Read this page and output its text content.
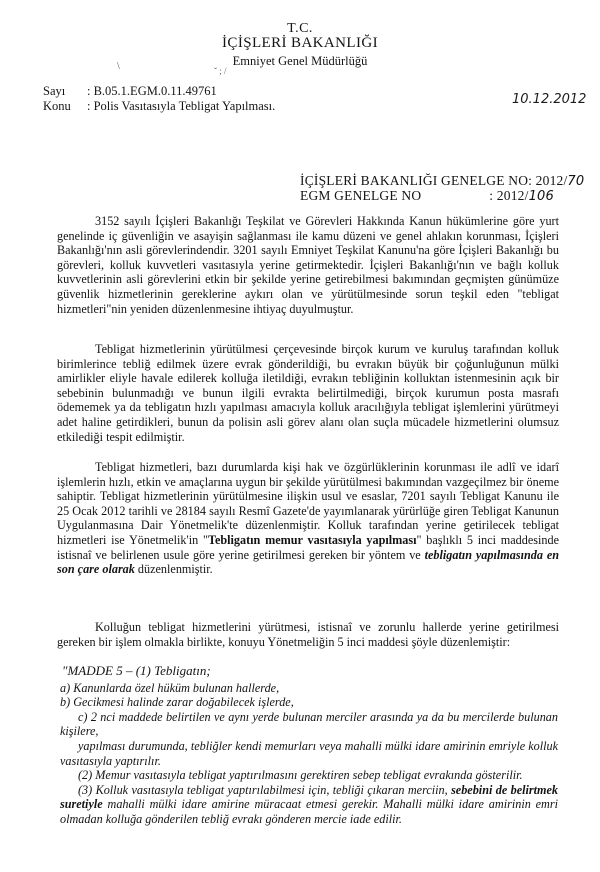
T.C.
İÇİŞLERİ BAKANLIĞI
Emniyet Genel Müdürlüğü
\	ˇ ; /
Sayı : B.05.1.EGM.0.11.49761
Konu : Polis Vasıtasıyla Tebligat Yapılması.	10.12.2012
İÇİŞLERİ BAKANLIĞI GENELGE NO: 2012/70
EGM GENELGE NO	: 2012/106

3152 sayılı İçişleri Bakanlığı Teşkilat ve Görevleri Hakkında Kanun hükümlerine göre yurt genelinde iç güvenliğin ve asayişin sağlanması ile kamu düzeni ve genel ahlakın korunması, İçişleri Bakanlığı'nın asli görevlerindendir. 3201 sayılı Emniyet Teşkilat Kanunu'na göre İçişleri Bakanlığı bu görevleri, kolluk kuvvetleri vasıtasıyla yerine getirmektedir. İçişleri Bakanlığı'nın ve bağlı kolluk kuvvetlerinin asli görevlerini etkin bir şekilde yerine getirebilmesi bakımından geçmişten günümüze güvenlik hizmetlerinin gereklerine aykırı olan ve yürütülmesinde sorun teşkil eden "tebligat hizmetleri"nin yeniden düzenlenmesine ihtiyaç duyulmuştur.

Tebligat hizmetlerinin yürütülmesi çerçevesinde birçok kurum ve kuruluş tarafından kolluk birimlerince tebliğ edilmek üzere evrak gönderildiği, bu evrakın büyük bir çoğunluğunun mülki amirlikler eliyle havale edilerek kolluğa iletildiği, evrakın tebliğinin kolluktan istenmesinin açık bir sebebinin bulunmadığı ve bunun ilgili evrakta belirtilmediği, birçok kurumun posta masrafı ödememek ya da tebligatın hızlı yapılması amacıyla kolluk aracılığıyla tebligat işlemlerini yürütmeyi adet haline getirdikleri, bunun da polisin asli görev alanı olan suçla mücadele hizmetlerini olumsuz etkilediği tespit edilmiştir.

Tebligat hizmetleri, bazı durumlarda kişi hak ve özgürlüklerinin korunması ile adlî ve idarî işlemlerin hızlı, etkin ve amaçlarına uygun bir şekilde yürütülmesi bakımından vazgeçilmez bir öneme sahiptir. Tebligat hizmetlerinin yürütülmesine ilişkin usul ve esaslar, 7201 sayılı Tebligat Kanunu ile 25 Ocak 2012 tarihli ve 28184 sayılı Resmî Gazete'de yayımlanarak yürürlüğe giren Tebligat Kanunun Uygulanmasına Dair Yönetmelik'te düzenlenmiştir. Kolluk tarafından yerine getirilecek tebligat hizmetleri ise Yönetmelik'in "Tebligatın memur vasıtasıyla yapılması" başlıklı 5 inci maddesinde istisnaî ve belirlenen usule göre yerine getirilmesi gereken bir yöntem ve tebligatın yapılmasında en son çare olarak düzenlenmiştir.

Kolluğun tebligat hizmetlerini yürütmesi, istisnaî ve zorunlu hallerde yerine getirilmesi gereken bir işlem olmakla birlikte, konuyu Yönetmeliğin 5 inci maddesi şöyle düzenlemiştir:

"MADDE 5 – (1) Tebligatın;

a) Kanunlarda özel hüküm bulunan hallerde,

b) Gecikmesi halinde zarar doğabilecek işlerde,

c) 2 nci maddede belirtilen ve aynı yerde bulunan merciler arasında ya da bu mercilerde bulunan kişilere,

yapılması durumunda, tebliğler kendi memurları veya mahalli mülki idare amirinin emriyle kolluk vasıtasıyla yaptırılır.

(2) Memur vasıtasıyla tebligat yaptırılmasını gerektiren sebep tebligat evrakında gösterilir.

(3) Kolluk vasıtasıyla tebligat yaptırılabilmesi için, tebliği çıkaran merciin, sebebini de belirtmek suretiyle mahalli mülki idare amirine müracaat etmesi gerekir. Mahalli mülki idare amirinin emri olmadan kolluğa gönderilen tebliğ evrakı gönderen mercie iade edilir.
